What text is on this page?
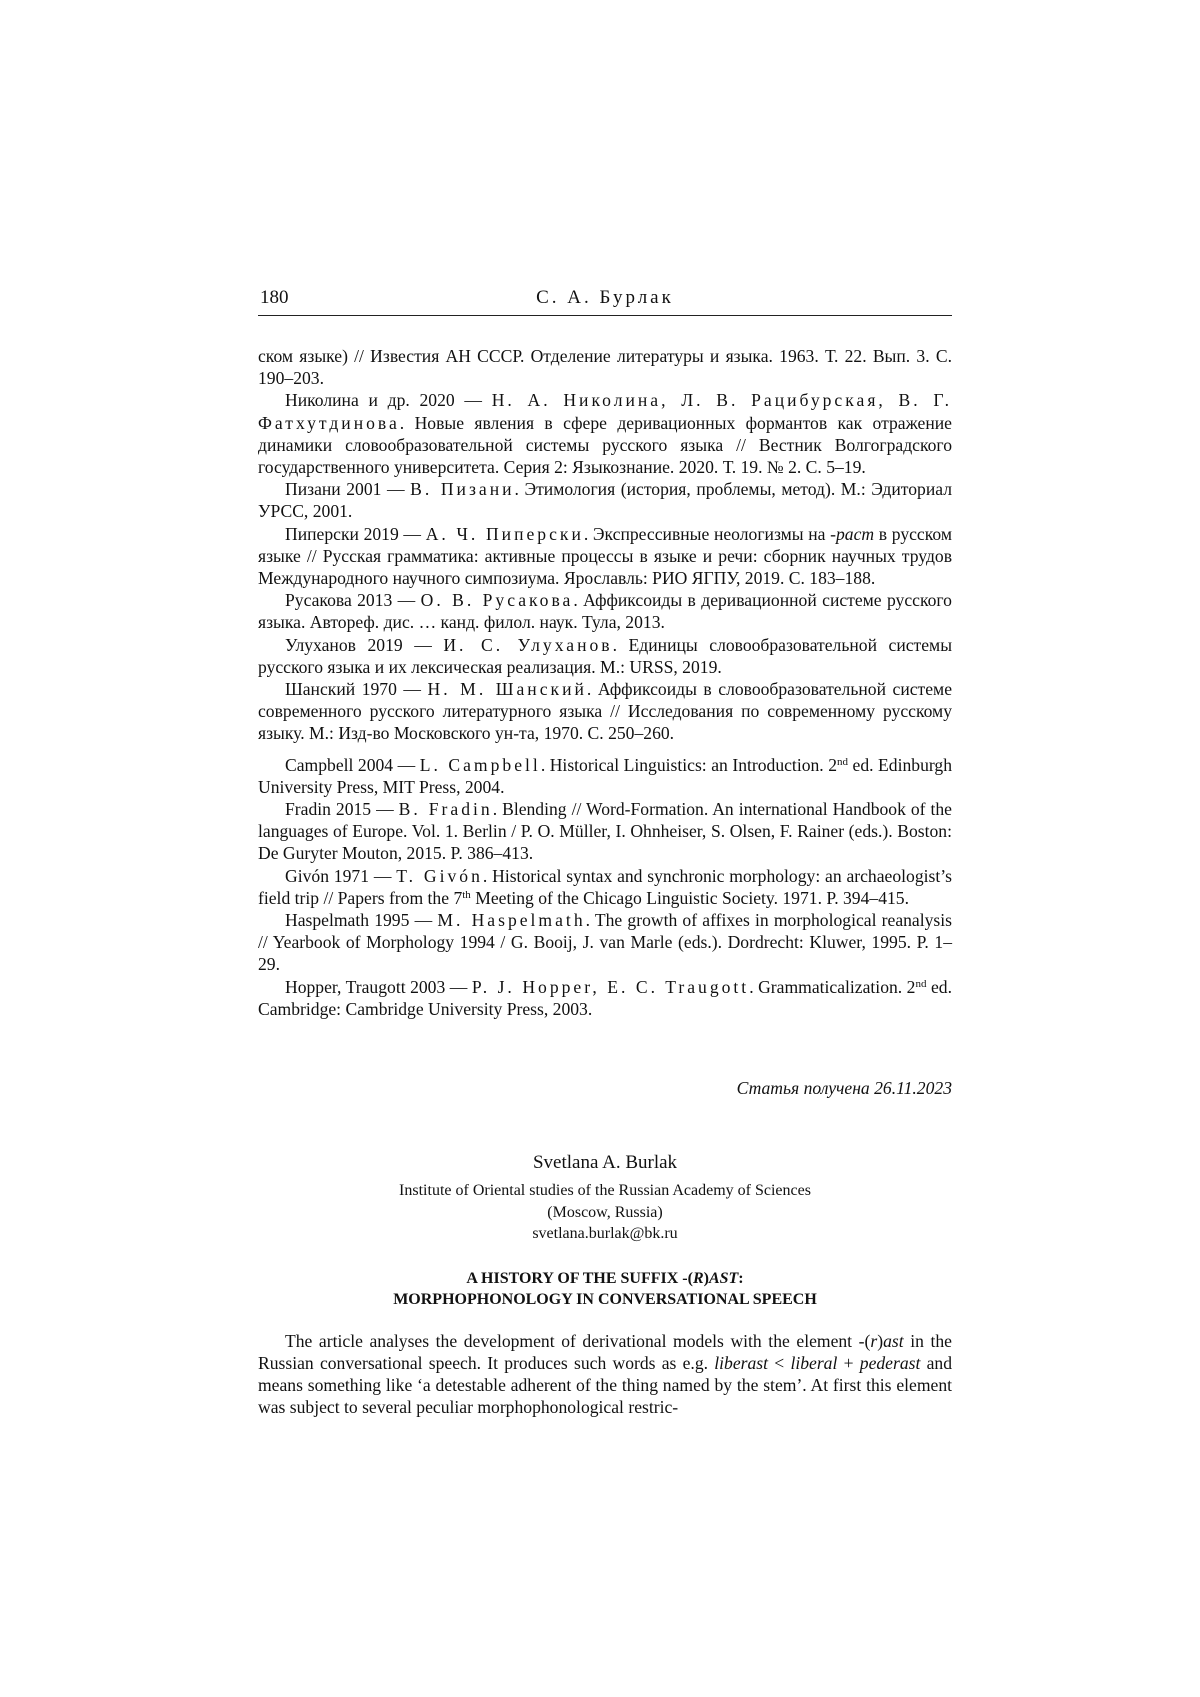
180	С. А. Бурлак

ском языке) // Известия АН СССР. Отделение литературы и языка. 1963. Т. 22. Вып. 3. С. 190–203.

Николина и др. 2020 — Н. А. Николина, Л. В. Рацибурская, В. Г. Фатхутдинова. Новые явления в сфере деривационных формантов как отражение динамики словообразовательной системы русского языка // Вестник Волгоградского государственного университета. Серия 2: Языкознание. 2020. Т. 19. № 2. С. 5–19.

Пизани 2001 — В. Пизани. Этимология (история, проблемы, метод). М.: Эдиториал УРСС, 2001.

Пиперски 2019 — А. Ч. Пиперски. Экспрессивные неологизмы на -раст в русском языке // Русская грамматика: активные процессы в языке и речи: сборник научных трудов Международного научного симпозиума. Ярославль: РИО ЯГПУ, 2019. С. 183–188.

Русакова 2013 — О. В. Русакова. Аффиксоиды в деривационной системе русского языка. Автореф. дис. … канд. филол. наук. Тула, 2013.

Улуханов 2019 — И. С. Улуханов. Единицы словообразовательной системы русского языка и их лексическая реализация. М.: URSS, 2019.

Шанский 1970 — Н. М. Шанский. Аффиксоиды в словообразовательной системе современного русского литературного языка // Исследования по современному русскому языку. М.: Изд-во Московского ун-та, 1970. С. 250–260.

Campbell 2004 — L. Campbell. Historical Linguistics: an Introduction. 2nd ed. Edinburgh University Press, MIT Press, 2004.

Fradin 2015 — B. Fradin. Blending // Word-Formation. An international Handbook of the languages of Europe. Vol. 1. Berlin / P. O. Müller, I. Ohnheiser, S. Olsen, F. Rainer (eds.). Boston: De Guryter Mouton, 2015. P. 386–413.

Givón 1971 — T. Givón. Historical syntax and synchronic morphology: an archaeologist’s field trip // Papers from the 7th Meeting of the Chicago Linguistic Society. 1971. P. 394–415.

Haspelmath 1995 — M. Haspelmath. The growth of affixes in morphological reanalysis // Yearbook of Morphology 1994 / G. Booij, J. van Marle (eds.). Dordrecht: Kluwer, 1995. P. 1–29.

Hopper, Traugott 2003 — P. J. Hopper, E. C. Traugott. Grammaticalization. 2nd ed. Cambridge: Cambridge University Press, 2003.

Статья получена 26.11.2023
Svetlana A. Burlak
Institute of Oriental studies of the Russian Academy of Sciences
(Moscow, Russia)
svetlana.burlak@bk.ru
A HISTORY OF THE SUFFIX -(R)AST:
MORPHOPHONOLOGY IN CONVERSATIONAL SPEECH

The article analyses the development of derivational models with the element -(r)ast in the Russian conversational speech. It produces such words as e.g. liberast < liberal + pederast and means something like ‘a detestable adherent of the thing named by the stem’. At first this element was subject to several peculiar morphophonological restric-
